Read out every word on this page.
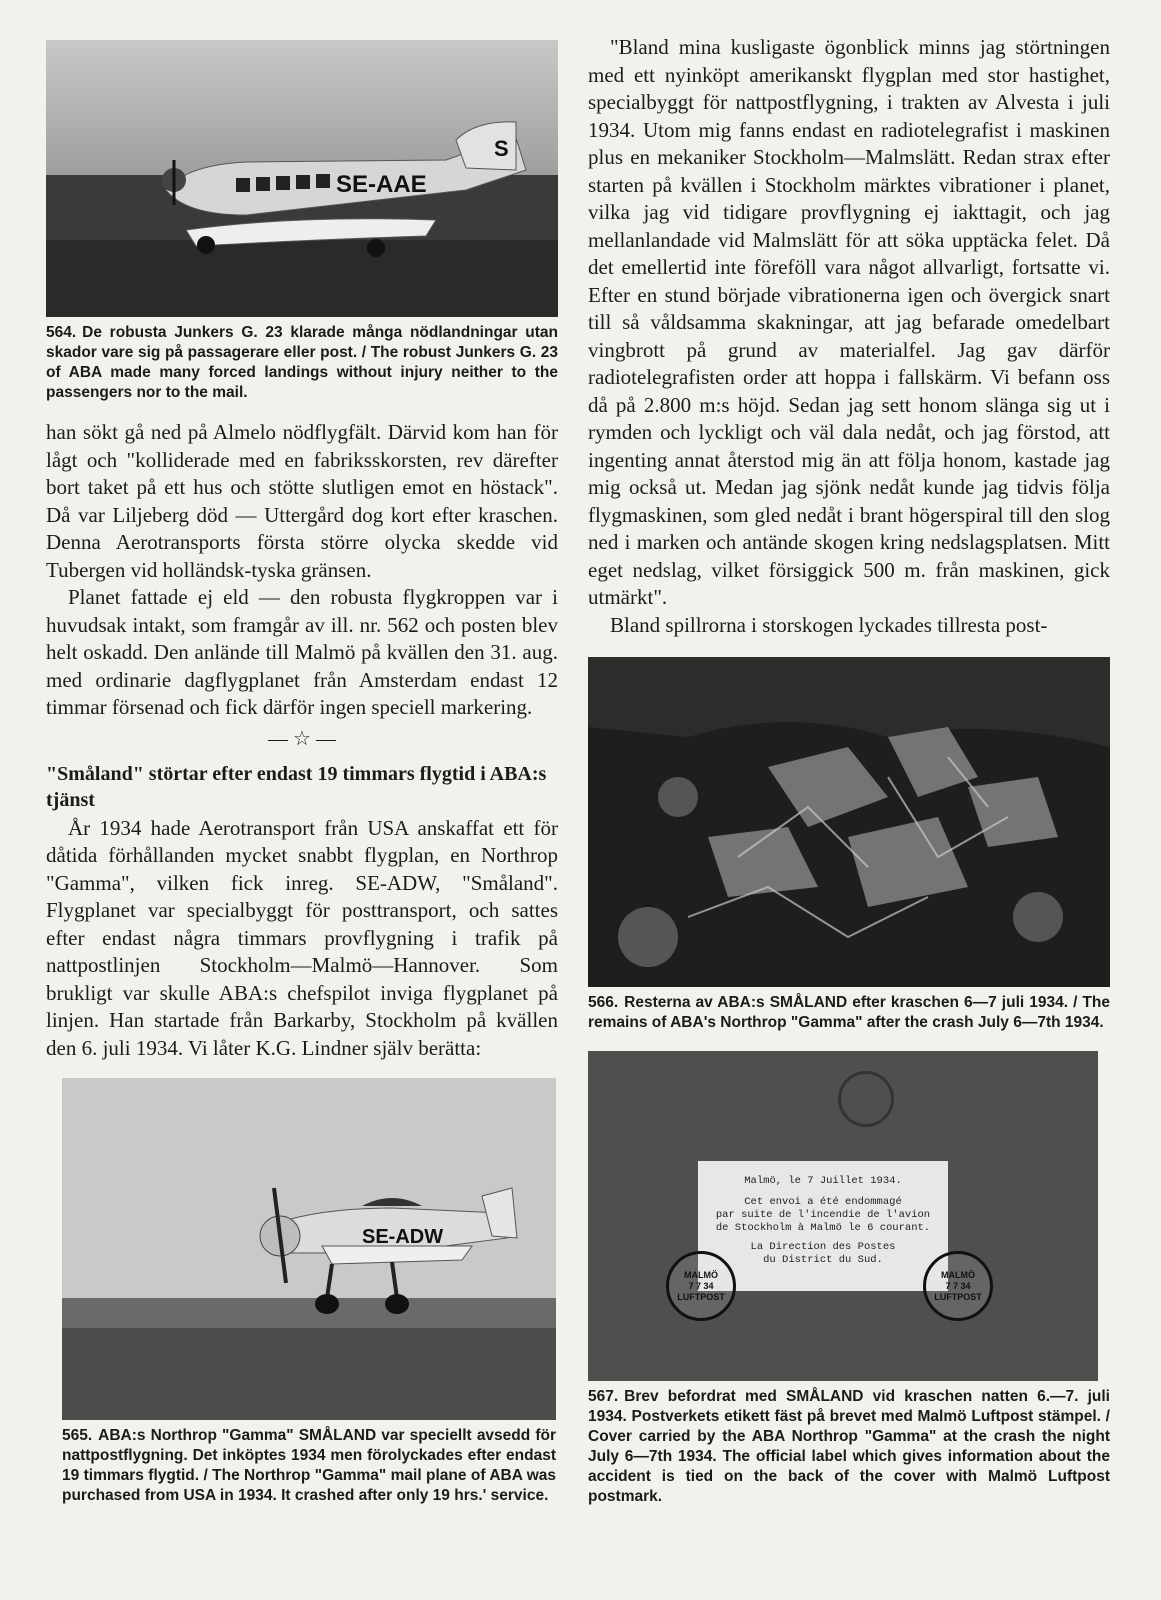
SE-AAE
S
564. De robusta Junkers G. 23 klarade många nödlandningar utan skador vare sig på passagerare eller post. / The robust Junkers G. 23 of ABA made many forced landings without injury neither to the passengers nor to the mail.

han sökt gå ned på Almelo nödflygfält. Därvid kom han för lågt och "kolliderade med en fabriksskorsten, rev därefter bort taket på ett hus och stötte slutligen emot en höstack". Då var Liljeberg död — Uttergård dog kort efter kraschen. Denna Aerotransports första större olycka skedde vid Tubergen vid holländsk-tyska gränsen.

Planet fattade ej eld — den robusta flygkroppen var i huvudsak intakt, som framgår av ill. nr. 562 och posten blev helt oskadd. Den anlände till Malmö på kvällen den 31. aug. med ordinarie dagflygplanet från Amsterdam endast 12 timmar försenad och fick därför ingen speciell markering.

— ☆ —
"Småland" störtar efter endast 19 timmars flygtid i ABA:s tjänst

År 1934 hade Aerotransport från USA anskaffat ett för dåtida förhållanden mycket snabbt flygplan, en Northrop "Gamma", vilken fick inreg. SE-ADW, "Småland". Flygplanet var specialbyggt för posttransport, och sattes efter endast några timmars provflygning i trafik på nattpostlinjen Stockholm—Malmö—Hannover. Som brukligt var skulle ABA:s chefspilot inviga flygplanet på linjen. Han startade från Barkarby, Stockholm på kvällen den 6. juli 1934. Vi låter K.G. Lindner själv berätta:

SE-ADW
565. ABA:s Northrop "Gamma" SMÅLAND var speciellt avsedd för nattpostflygning. Det inköptes 1934 men förolyckades efter endast 19 timmars flygtid. / The Northrop "Gamma" mail plane of ABA was purchased from USA in 1934. It crashed after only 19 hrs.' service.

"Bland mina kusligaste ögonblick minns jag störtningen med ett nyinköpt amerikanskt flygplan med stor hastighet, specialbyggt för nattpostflygning, i trakten av Alvesta i juli 1934. Utom mig fanns endast en radiotelegrafist i maskinen plus en mekaniker Stockholm—Malmslätt. Redan strax efter starten på kvällen i Stockholm märktes vibrationer i planet, vilka jag vid tidigare provflygning ej iakttagit, och jag mellanlandade vid Malmslätt för att söka upptäcka felet. Då det emellertid inte föreföll vara något allvarligt, fortsatte vi. Efter en stund började vibrationerna igen och övergick snart till så våldsamma skakningar, att jag befarade omedelbart vingbrott på grund av materialfel. Jag gav därför radiotelegrafisten order att hoppa i fallskärm. Vi befann oss då på 2.800 m:s höjd. Sedan jag sett honom slänga sig ut i rymden och lyckligt och väl dala nedåt, och jag förstod, att ingenting annat återstod mig än att följa honom, kastade jag mig också ut. Medan jag sjönk nedåt kunde jag tidvis följa flygmaskinen, som gled nedåt i brant högerspiral till den slog ned i marken och antände skogen kring nedslagsplatsen. Mitt eget nedslag, vilket försiggick 500 m. från maskinen, gick utmärkt".

Bland spillrorna i storskogen lyckades tillresta post-

566. Resterna av ABA:s SMÅLAND efter kraschen 6—7 juli 1934. / The remains of ABA's Northrop "Gamma" after the crash July 6—7th 1934.
Malmö, le 7 Juillet 1934.
Cet envoi a été endommagé
par suite de l'incendie de l'avion
de Stockholm à Malmö le 6 courant.
La Direction des Postes
du District du Sud.
MALMÖ
7 7 34
LUFTPOST
MALMÖ
7 7 34
LUFTPOST
567. Brev befordrat med SMÅLAND vid kraschen natten 6.—7. juli 1934. Postverkets etikett fäst på brevet med Malmö Luftpost stämpel. / Cover carried by the ABA Northrop "Gamma" at the crash the night July 6—7th 1934. The official label which gives information about the accident is tied on the back of the cover with Malmö Luftpost postmark.
